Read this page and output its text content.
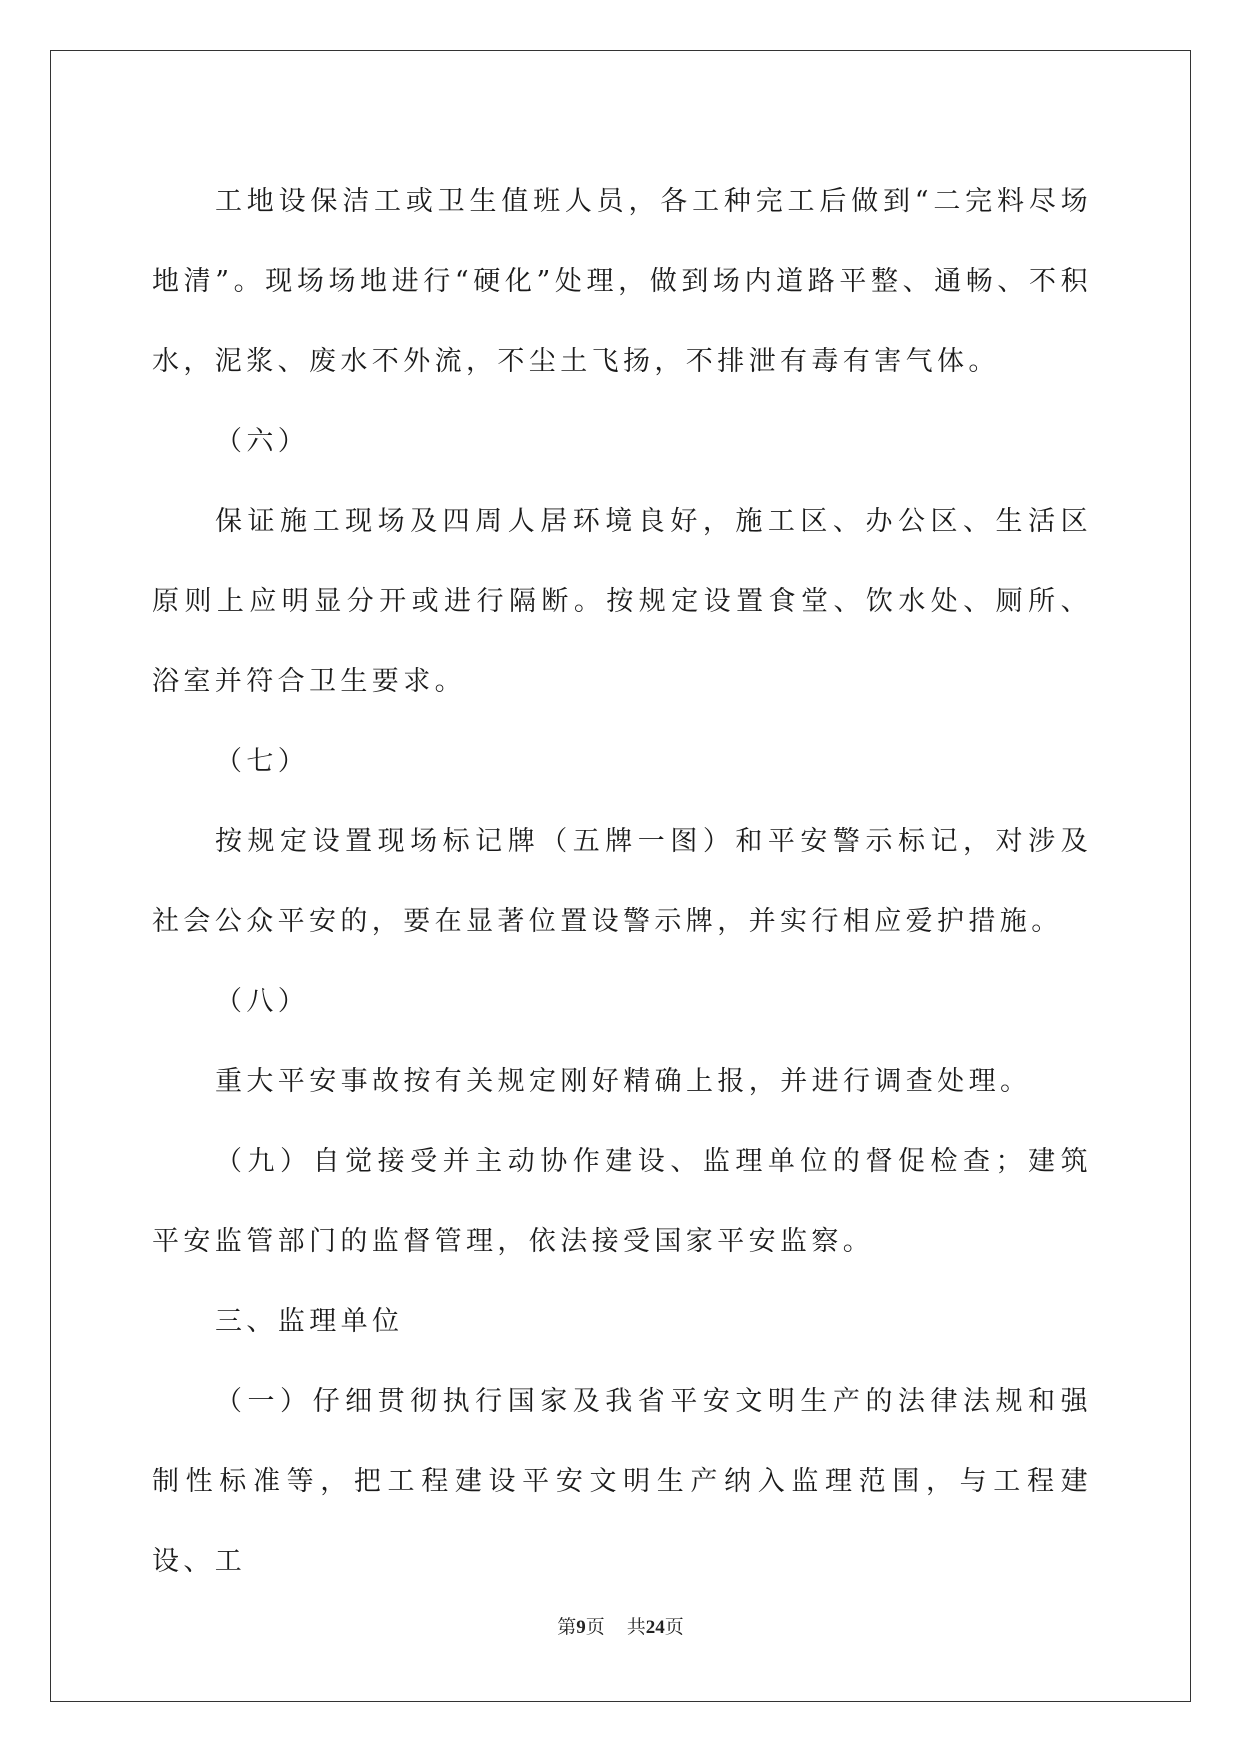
工地设保洁工或卫生值班人员，各工种完工后做到“二完料尽场地清”。现场场地进行“硬化”处理，做到场内道路平整、通畅、不积水，泥浆、废水不外流，不尘土飞扬，不排泄有毒有害气体。

（六）

保证施工现场及四周人居环境良好，施工区、办公区、生活区原则上应明显分开或进行隔断。按规定设置食堂、饮水处、厕所、浴室并符合卫生要求。

（七）

按规定设置现场标记牌（五牌一图）和平安警示标记，对涉及社会公众平安的，要在显著位置设警示牌，并实行相应爱护措施。

（八）

重大平安事故按有关规定刚好精确上报，并进行调查处理。

（九）自觉接受并主动协作建设、监理单位的督促检查；建筑平安监管部门的监督管理，依法接受国家平安监察。

三、监理单位

（一）仔细贯彻执行国家及我省平安文明生产的法律法规和强制性标准等，把工程建设平安文明生产纳入监理范围，与工程建设、工

第9页 共24页
